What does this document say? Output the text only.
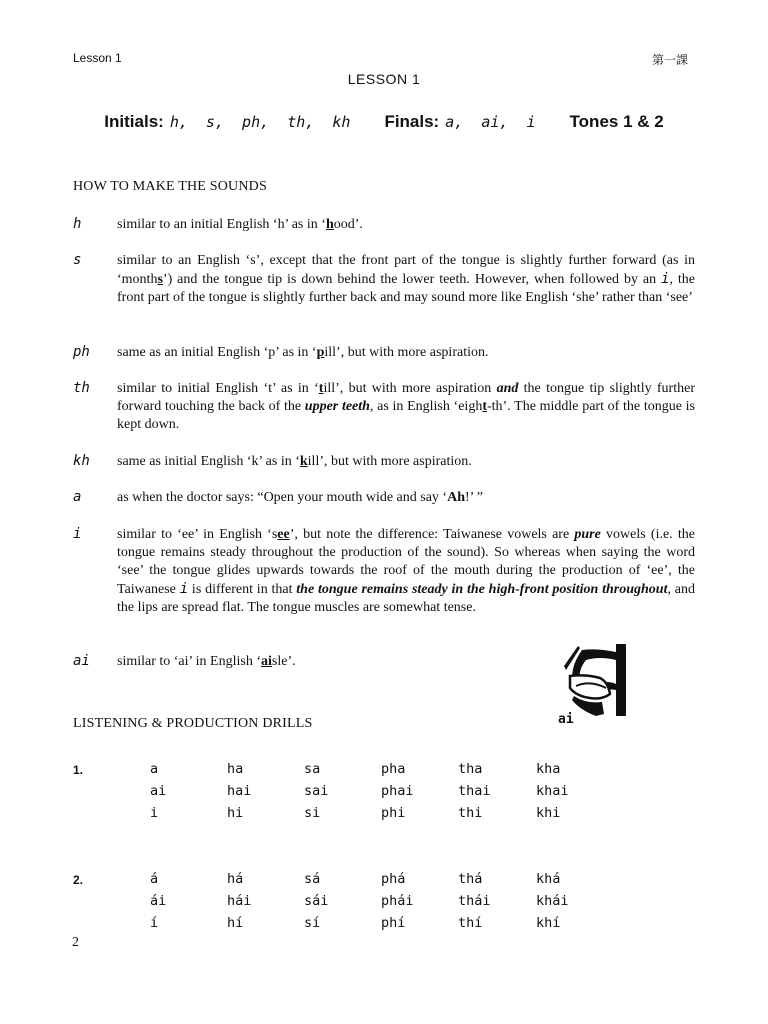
Lesson 1	第一課
LESSON 1
Initials: h,  s,  ph,  th,  kh Finals: a,  ai,  i Tones 1 & 2
HOW TO MAKE THE SOUNDS
h	similar to an initial English ‘h’ as in ‘hood’.
s	similar to an English ‘s’, except that the front part of the tongue is slightly further forward (as in ‘months’) and the tongue tip is down behind the lower teeth. However, when followed by an i, the front part of the tongue is slightly further back and may sound more like English ‘she’ rather than ‘see’
ph same as an initial English ‘p’ as in ‘pill’, but with more aspiration.
th similar to initial English ‘t’ as in ‘till’, but with more aspiration and the tongue tip slightly further forward touching the back of the upper teeth, as in English ‘eight-th’. The middle part of the tongue is kept down.
kh same as initial English ‘k’ as in ‘kill’, but with more aspiration.
a	as when the doctor says: “Open your mouth wide and say ‘Ah!’ ”
i	similar to ‘ee’ in English ‘see’, but note the difference: Taiwanese vowels are pure vowels (i.e. the tongue remains steady throughout the production of the sound). So whereas when saying the word ‘see’ the tongue glides upwards towards the roof of the mouth during the production of ‘ee’, the Taiwanese i is different in that the tongue remains steady in the high-front position throughout, and the lips are spread flat. The tongue muscles are somewhat tense.
ai similar to ‘ai’ in English ‘aisle’.
ai
LISTENING & PRODUCTION DRILLS
1.
2.
a	ha	sa	pha	tha	kha
ai	hai	sai	phai	thai	khai
i	hi	si	phi	thi	khi
á	há	sá	phá	thá	khá
ái	hái	sái	phái	thái	khái
í	hí	sí	phí	thí	khí
2
